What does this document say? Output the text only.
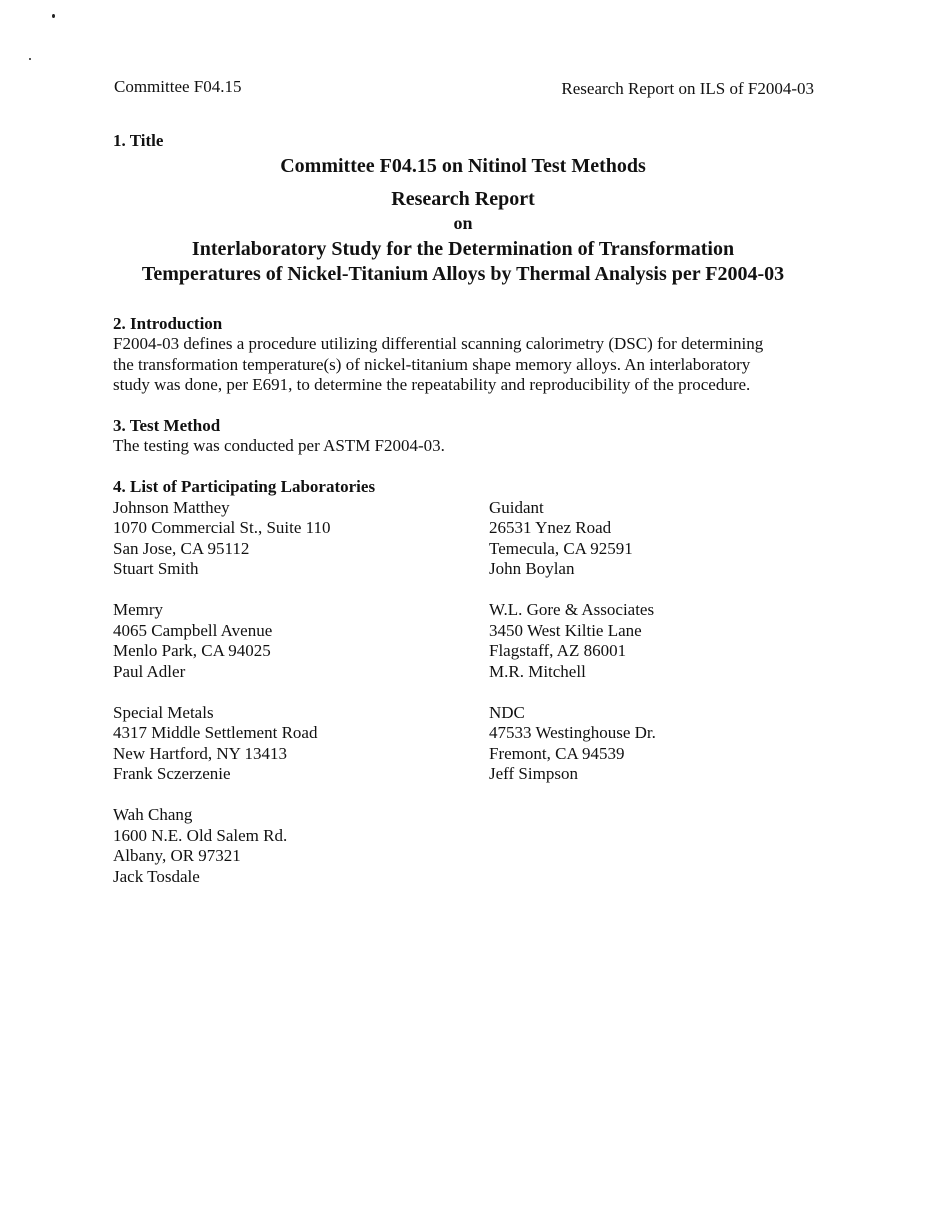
Committee F04.15	Research Report on ILS of F2004-03
1. Title
Committee F04.15 on Nitinol Test Methods
Research Report
on
Interlaboratory Study for the Determination of Transformation
Temperatures of Nickel-Titanium Alloys by Thermal Analysis per F2004-03
2. Introduction
F2004-03 defines a procedure utilizing differential scanning calorimetry (DSC) for determining
the transformation temperature(s) of nickel-titanium shape memory alloys. An interlaboratory
study was done, per E691, to determine the repeatability and reproducibility of the procedure.
3. Test Method
The testing was conducted per ASTM F2004-03.
4. List of Participating Laboratories
Johnson Matthey
1070 Commercial St., Suite 110
San Jose, CA 95112
Stuart Smith
Memry
4065 Campbell Avenue
Menlo Park, CA 94025
Paul Adler
Special Metals
4317 Middle Settlement Road
New Hartford, NY 13413
Frank Sczerzenie
Wah Chang
1600 N.E. Old Salem Rd.
Albany, OR 97321
Jack Tosdale
Guidant
26531 Ynez Road
Temecula, CA 92591
John Boylan
W.L. Gore & Associates
3450 West Kiltie Lane
Flagstaff, AZ 86001
M.R. Mitchell
NDC
47533 Westinghouse Dr.
Fremont, CA 94539
Jeff Simpson
